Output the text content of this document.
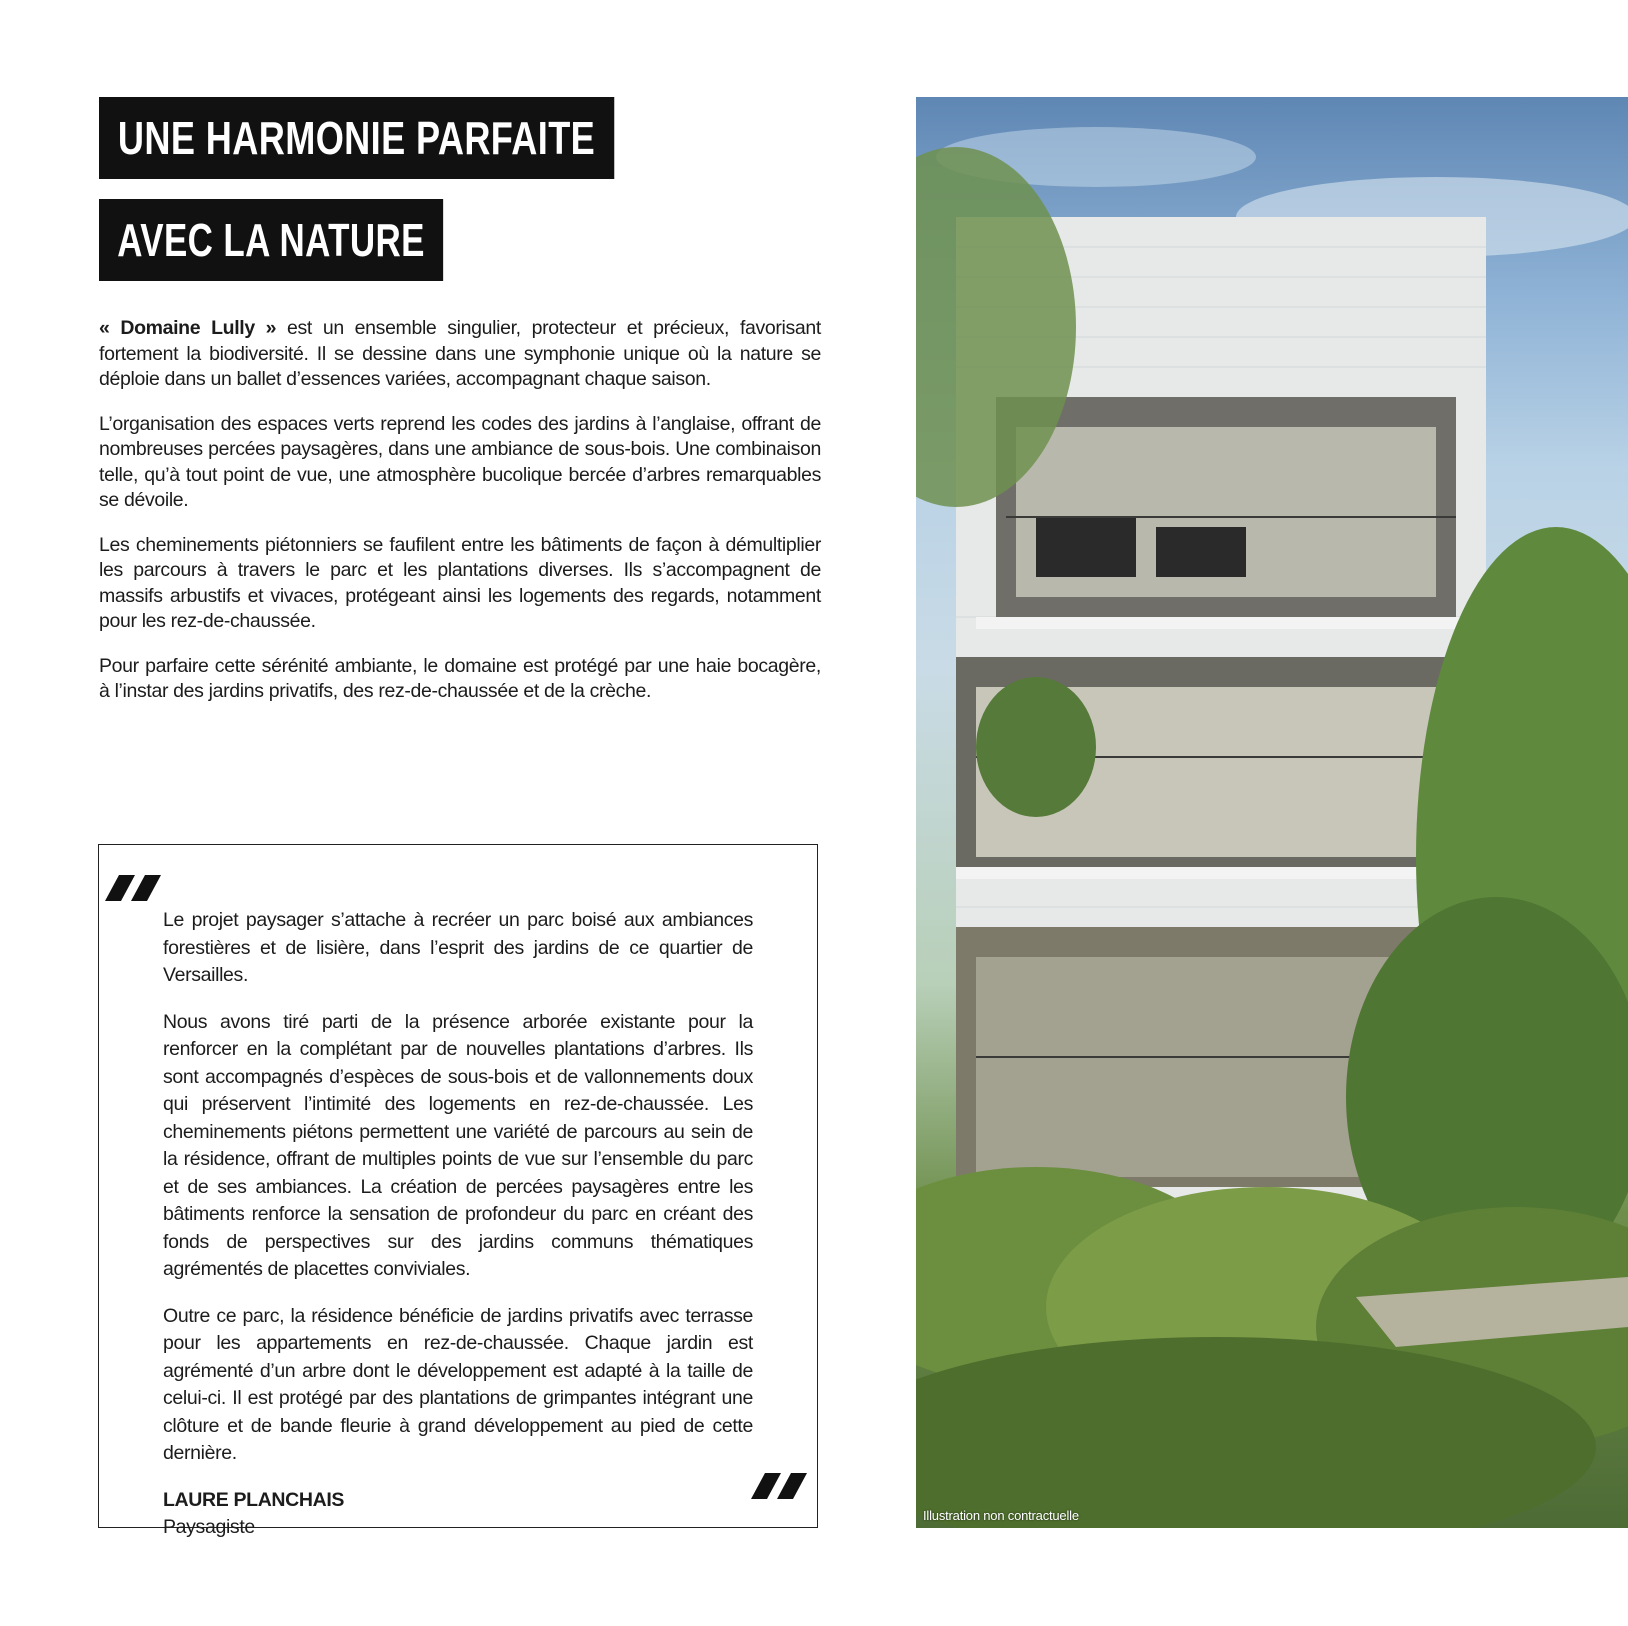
UNE HARMONIE PARFAITE
AVEC LA NATURE

« Domaine Lully » est un ensemble singulier, protecteur et précieux, favorisant fortement la biodiversité. Il se dessine dans une symphonie unique où la nature se déploie dans un ballet d’essences variées, accompagnant chaque saison.

L’organisation des espaces verts reprend les codes des jardins à l’anglaise, offrant de nombreuses percées paysagères, dans une ambiance de sous-bois. Une combinaison telle, qu’à tout point de vue, une atmosphère bucolique bercée d’arbres remarquables se dévoile.

Les cheminements piétonniers se faufilent entre les bâtiments de façon à démultiplier les parcours à travers le parc et les plantations diverses. Ils s’accompagnent de massifs arbustifs et vivaces, protégeant ainsi les logements des regards, notamment pour les rez-de-chaussée.

Pour parfaire cette sérénité ambiante, le domaine est protégé par une haie bocagère, à l’instar des jardins privatifs, des rez-de-chaussée et de la crèche.

Le projet paysager s’attache à recréer un parc boisé aux ambiances forestières et de lisière, dans l’esprit des jardins de ce quartier de Versailles.

Nous avons tiré parti de la présence arborée existante pour la renforcer en la complétant par de nouvelles plantations d’arbres. Ils sont accompagnés d’espèces de sous-bois et de vallonnements doux qui préservent l’intimité des logements en rez-de-chaussée. Les cheminements piétons permettent une variété de parcours au sein de la résidence, offrant de multiples points de vue sur l’ensemble du parc et de ses ambiances. La création de percées paysagères entre les bâtiments renforce la sensation de profondeur du parc en créant des fonds de perspectives sur des jardins communs thématiques agrémentés de placettes conviviales.

Outre ce parc, la résidence bénéficie de jardins privatifs avec terrasse pour les appartements en rez-de-chaussée. Chaque jardin est agrémenté d’un arbre dont le développement est adapté à la taille de celui-ci. Il est protégé par des plantations de grimpantes intégrant une clôture et de bande fleurie à grand développement au pied de cette dernière.

LAURE PLANCHAIS

Paysagiste

Illustration non contractuelle
